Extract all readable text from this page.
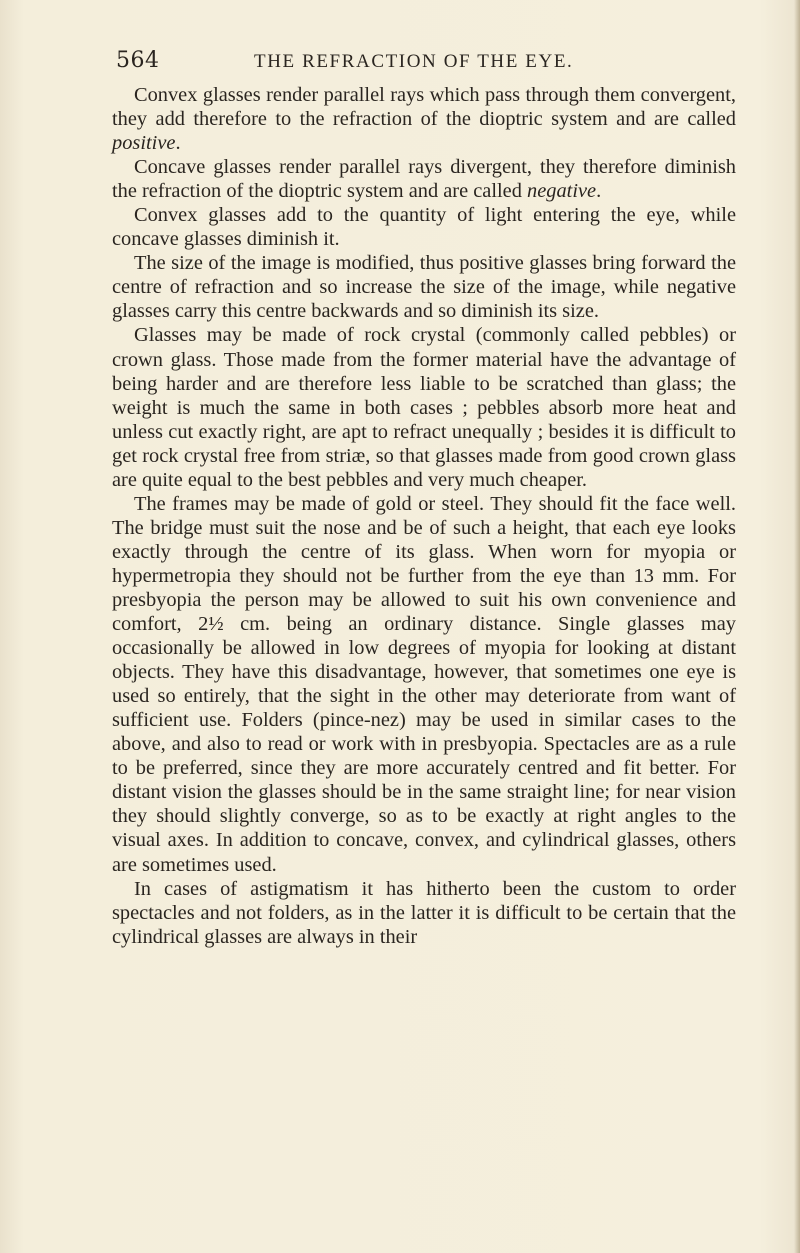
564	THE REFRACTION OF THE EYE.

Convex glasses render parallel rays which pass through them convergent, they add therefore to the refraction of the dioptric system and are called positive.

Concave glasses render parallel rays divergent, they therefore diminish the refraction of the dioptric system and are called negative.

Convex glasses add to the quantity of light entering the eye, while concave glasses diminish it.

The size of the image is modified, thus positive glasses bring forward the centre of refraction and so increase the size of the image, while negative glasses carry this centre backwards and so diminish its size.

Glasses may be made of rock crystal (commonly called pebbles) or crown glass. Those made from the former material have the advantage of being harder and are therefore less liable to be scratched than glass; the weight is much the same in both cases ; pebbles absorb more heat and unless cut exactly right, are apt to refract unequally ; besides it is difficult to get rock crystal free from striæ, so that glasses made from good crown glass are quite equal to the best pebbles and very much cheaper.

The frames may be made of gold or steel. They should fit the face well. The bridge must suit the nose and be of such a height, that each eye looks exactly through the centre of its glass. When worn for myopia or hypermetropia they should not be further from the eye than 13 mm. For presbyopia the person may be allowed to suit his own convenience and comfort, 2½ cm. being an ordinary distance. Single glasses may occasionally be allowed in low degrees of myopia for looking at distant objects. They have this disadvantage, however, that sometimes one eye is used so entirely, that the sight in the other may deteriorate from want of sufficient use. Folders (pince-nez) may be used in similar cases to the above, and also to read or work with in presbyopia. Spectacles are as a rule to be preferred, since they are more accurately centred and fit better. For distant vision the glasses should be in the same straight line; for near vision they should slightly converge, so as to be exactly at right angles to the visual axes. In addition to concave, convex, and cylindrical glasses, others are sometimes used.

In cases of astigmatism it has hitherto been the custom to order spectacles and not folders, as in the latter it is difficult to be certain that the cylindrical glasses are always in their
